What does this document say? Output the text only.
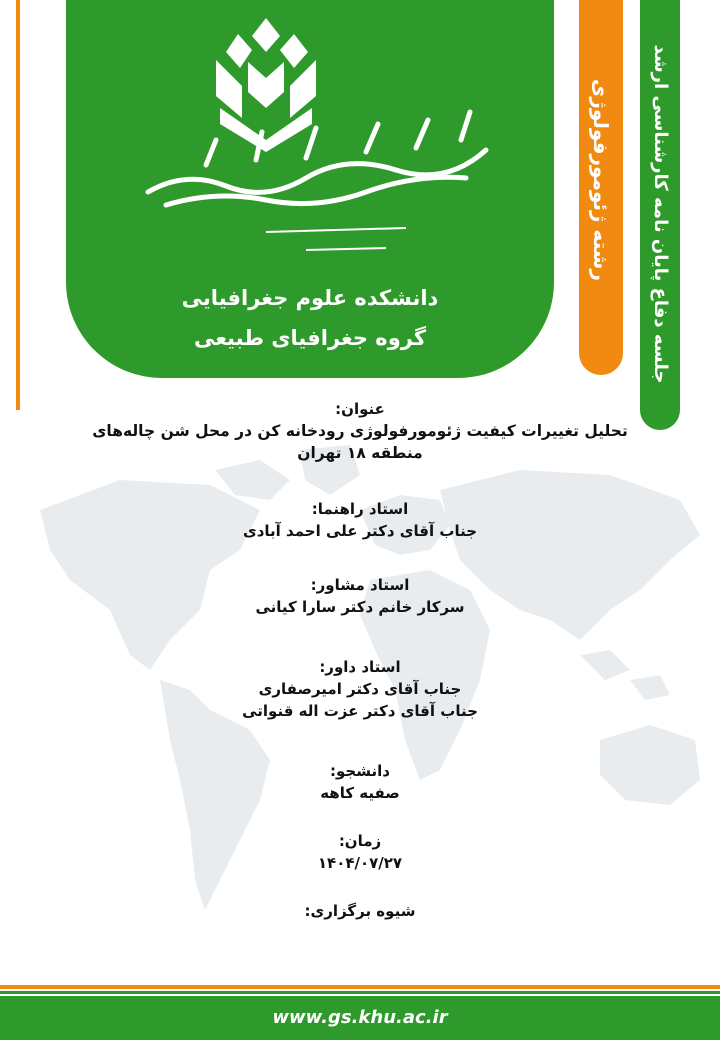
دانشکده علوم جغرافیایی
گروه جغرافیای طبیعی
رشته ژئومورفولوژی جلسه دفاع پایان نامه کارشناسی ارشد
عنوان:
تحلیل تغییرات کیفیت ژئومورفولوژی رودخانه کن در محل شن چاله‌های
منطقه ۱۸ تهران
استاد راهنما:
جناب آقای دکتر علی احمد آبادی
استاد مشاور:
سرکار خانم دکتر سارا کیانی
استاد داور:
جناب آقای دکتر امیرصفاری
جناب آقای دکتر عزت اله قنواتی
دانشجو:
صفیه کاهه
زمان:
۱۴۰۴/۰۷/۲۷
شیوه برگزاری:
www.gs.khu.ac.ir
